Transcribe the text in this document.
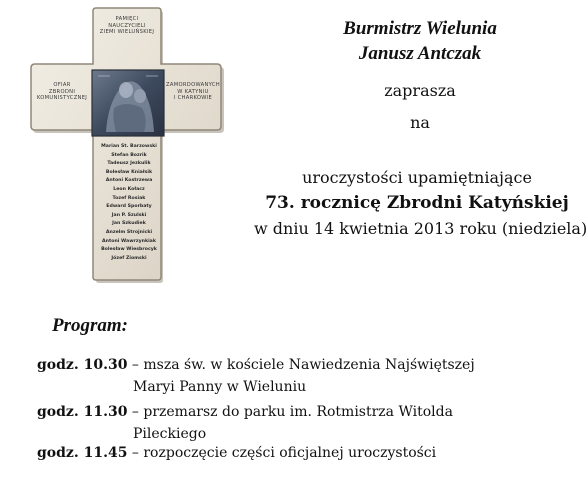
PAMIĘCI
NAUCZYCIELI
ZIEMI WIELUŃSKIEJ
OFIAR
ZBRODNI
KOMUNISTYCZNEJ
ZAMORDOWANYCH
W KATYNIU
I CHARKOWIE
Marian St. Barzowski
Stefan Bozrik
Tadeusz Jezkulik
Bolesław Kniałsik
Antoni Kostrzewa
Leon Kołacz
Tozef Rosiak
Edward Sporbaty
Jan P. Szulski
Jan Szkudiek
Anzelm Strojnicki
Antoni Wawrzynkiak
Bolesław Wiesbrocyk
Józef Ziomski
Burmistrz Wielunia
Janusz Antczak
zaprasza
na
uroczystości upamiętniające
73. rocznicę Zbrodni Katyńskiej
w dniu 14 kwietnia 2013 roku (niedziela)
Program:
godz. 10.30 – msza św. w kościele Nawiedzenia Najświętszej
Maryi Panny w Wieluniu
godz. 11.30 – przemarsz do parku im. Rotmistrza Witolda
Pileckiego
godz. 11.45 – rozpoczęcie części oficjalnej uroczystości
